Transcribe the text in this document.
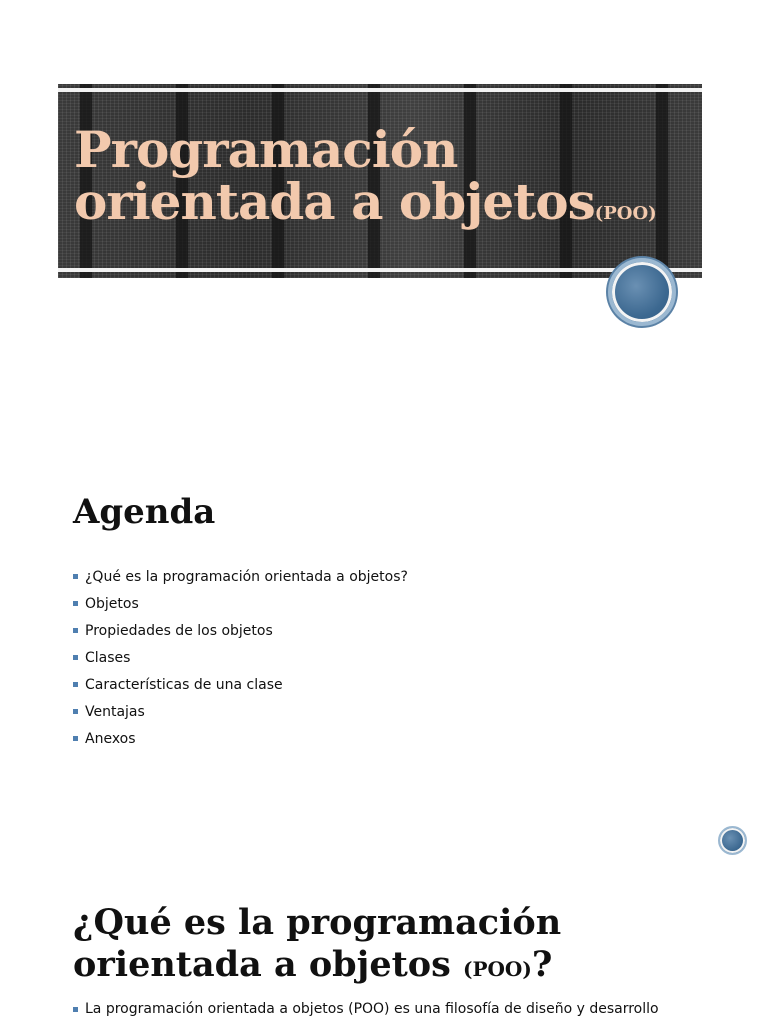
Programación
orientada a objetos(POO)
Agenda
¿Qué es la programación orientada a objetos?
Objetos
Propiedades de los objetos
Clases
Características de una clase
Ventajas
Anexos
¿Qué es la programación
orientada a objetos (POO)?
La programación orientada a objetos (POO) es una filosofía de diseño y desarrollo
